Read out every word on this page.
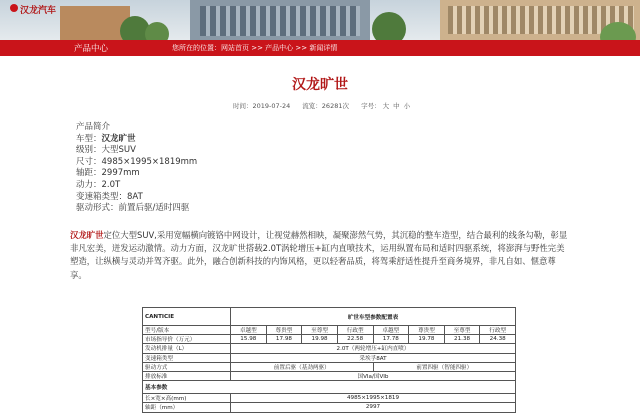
汉龙汽车
产品中心	您所在的位置：网站首页 >> 产品中心 >> 新闻详情
汉龙旷世
时间：2019-07-24 流览：26281次 字号： 大 中 小
产品简介
车型：汉龙旷世
级别：大型SUV
尺寸：4985×1995×1819mm
轴距：2997mm
动力：2.0T
变速箱类型：8AT
驱动形式：前置后驱/适时四驱
汉龙旷世定位大型SUV,采用宽幅横向镀铬中网设计，让视觉赫然相映，凝聚澎然气势，其沉稳的整车造型，结合最利的线条勾勒，彰显非凡宏美，迸发运动激情。动力方面，汉龙旷世搭载2.0T涡轮增压+缸内直喷技术，运用纵置布局和适时四驱系统，将澎湃与野性完美塑造，让纵横与灵动并驾齐驱。此外，融合创新科技的内饰风格，更以轻奢品质，将驾乘舒适性提升至商务境界，非凡自如、惬意尊享。
CANTICIE	旷世车型参数配置表							
型号/版本	卓越型	尊贵型	至尊型	行政型	卓越型	尊贵型	至尊型	行政型
市场指导价（万元）	15.98	17.98	19.98	22.58	17.78	19.78	21.38	24.38
发动机排量（L）	2.0T（两轮增压+缸内直喷）							
变速箱类型	采埃孚8AT							
驱动方式	前置后驱（基劲两驱）				前置四驱（智能四驱）			
排放标准	国VIa/国VIb							
基本参数								
长×宽×高(mm)	4985×1995×1819							
轴距（mm）	2997							
